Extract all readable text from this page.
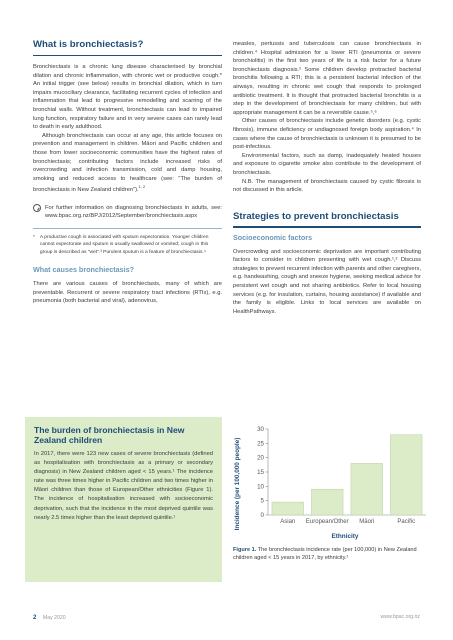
What is bronchiectasis?

Bronchiectasis is a chronic lung disease characterised by bronchial dilation and chronic inflammation, with chronic wet or productive cough.* An initial trigger (see below) results in bronchial dilation, which in turn impairs mucociliary clearance, facilitating recurrent cycles of infection and inflammation that lead to progressive remodelling and scarring of the bronchial walls. Without treatment, bronchiectasis can lead to impaired lung function, respiratory failure and in very severe cases can rarely lead to death in early adulthood.

Although bronchiectasis can occur at any age, this article focuses on prevention and management in children. Māori and Pacific children and those from lower socioeconomic communities have the highest rates of bronchiectasis; contributing factors include increased risks of overcrowding and infection transmission, cold and damp housing, smoking and reduced access to healthcare (see: "The burden of bronchiectasis in New Zealand children").$^{1, 2}$

For further information on diagnosing bronchiectasis in adults, see: www.bpac.org.nz/BPJ/2012/September/bronchiectasis.aspx

* A productive cough is associated with sputum expectoration. Younger children cannot expectorate and sputum is usually swallowed or vomited; cough in this group is described as "wet".³ Purulent sputum is a feature of bronchiectasis.⁴
What causes bronchiectasis?

There are various causes of bronchiectasis, many of which are preventable. Recurrent or severe respiratory tract infections (RTIs), e.g. pneumonia (both bacterial and viral), adenovirus,

measles, pertussis and tuberculosis can cause bronchiectasis in children.⁴ Hospital admission for a lower RTI (pneumonia or severe bronchiolitis) in the first two years of life is a risk factor for a future bronchiectasis diagnosis.² Some children develop protracted bacterial bronchitis following a RTI; this is a persistent bacterial infection of the airways, resulting in chronic wet cough that responds to prolonged antibiotic treatment. It is thought that protracted bacterial bronchitis is a step in the development of bronchiectasis for many children, but with appropriate management it can be a reversible cause.⁵,⁶

Other causes of bronchiectasis include genetic disorders (e.g. cystic fibrosis), immune deficiency or undiagnosed foreign body aspiration.⁴ In cases where the cause of bronchiectasis is unknown it is presumed to be post-infectious.

Environmental factors, such as damp, inadequately heated houses and exposure to cigarette smoke also contribute to the development of bronchiectasis.

N.B. The management of bronchiectasis caused by cystic fibrosis is not discussed in this article.

Strategies to prevent bronchiectasis
Socioeconomic factors

Overcrowding and socioeconomic deprivation are important contributing factors to consider in children presenting with wet cough.¹,² Discuss strategies to prevent recurrent infection with parents and other caregivers, e.g. handwashing, cough and sneeze hygiene, seeking medical advice for persistent wet cough and not sharing antibiotics. Refer to local housing services (e.g. for insulation, curtains, housing assistance) if available and the family is eligible. Links to local services are available on HealthPathways.

The burden of bronchiectasis in New Zealand children

In 2017, there were 123 new cases of severe bronchiectasis (defined as hospitalisation with bronchiectasis as a primary or secondary diagnosis) in New Zealand children aged < 15 years.¹ The incidence rate was three times higher in Pacific children and two times higher in Māori children than those of European/Other ethnicities (Figure 1). The incidence of hospitalisation increased with socioeconomic deprivation, such that the incidence in the most deprived quintile was nearly 2.5 times higher than the least deprived quintile.¹	Incidence (per 100,000 people)	0
5
10
15
20
25
30
Asian European/Other Māori	Pacific
Ethnicity
Figure 1. The bronchiectasis incidence rate (per 100,000) in New Zealand children aged < 15 years in 2017, by ethnicity.¹
2 May 2020	www.bpac.org.nz
